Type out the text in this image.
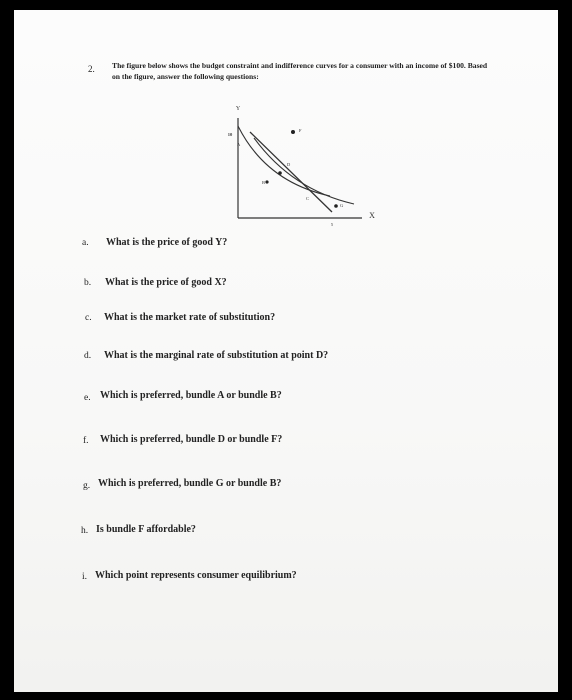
2. The figure below shows the budget constraint and indifference curves for a consumer with an income of $100. Based on the figure, answer the following questions:
Y
X
10
5
A
B
C
D
F
G
a. What is the price of good Y?
b. What is the price of good X?
c. What is the market rate of substitution?
d. What is the marginal rate of substitution at point D?
e. Which is preferred, bundle A or bundle B?
f. Which is preferred, bundle D or bundle F?
g. Which is preferred, bundle G or bundle B?
h. Is bundle F affordable?
i. Which point represents consumer equilibrium?
